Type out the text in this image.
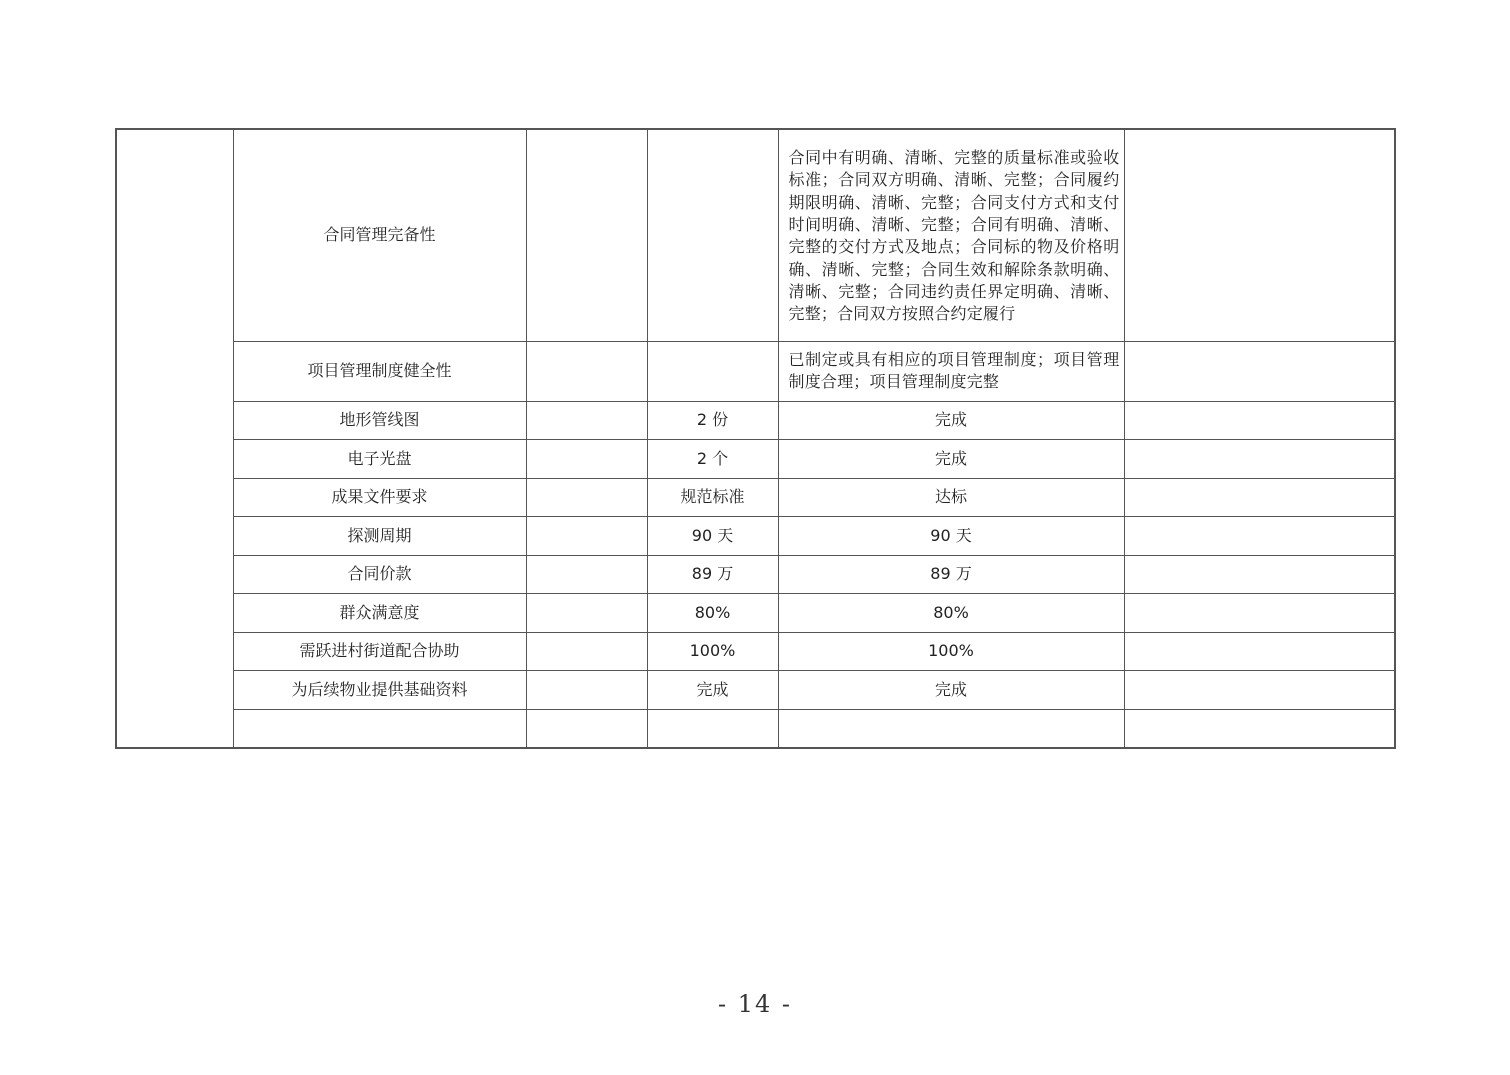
	合同管理完备性			合同中有明确、清晰、完整的质量标准或验收标准；合同双方明确、清晰、完整；合同履约期限明确、清晰、完整；合同支付方式和支付时间明确、清晰、完整；合同有明确、清晰、完整的交付方式及地点；合同标的物及价格明确、清晰、完整；合同生效和解除条款明确、清晰、完整；合同违约责任界定明确、清晰、完整；合同双方按照合约定履行	
	项目管理制度健全性			已制定或具有相应的项目管理制度；项目管理制度合理；项目管理制度完整	
	地形管线图		2 份	完成	
	电子光盘		2 个	完成	
	成果文件要求		规范标准	达标	
	探测周期		90 天	90 天	
	合同价款		89 万	89 万	
	群众满意度		80%	80%	
	需跃进村街道配合协助		100%	100%	
	为后续物业提供基础资料		完成	完成	

- 14 -
